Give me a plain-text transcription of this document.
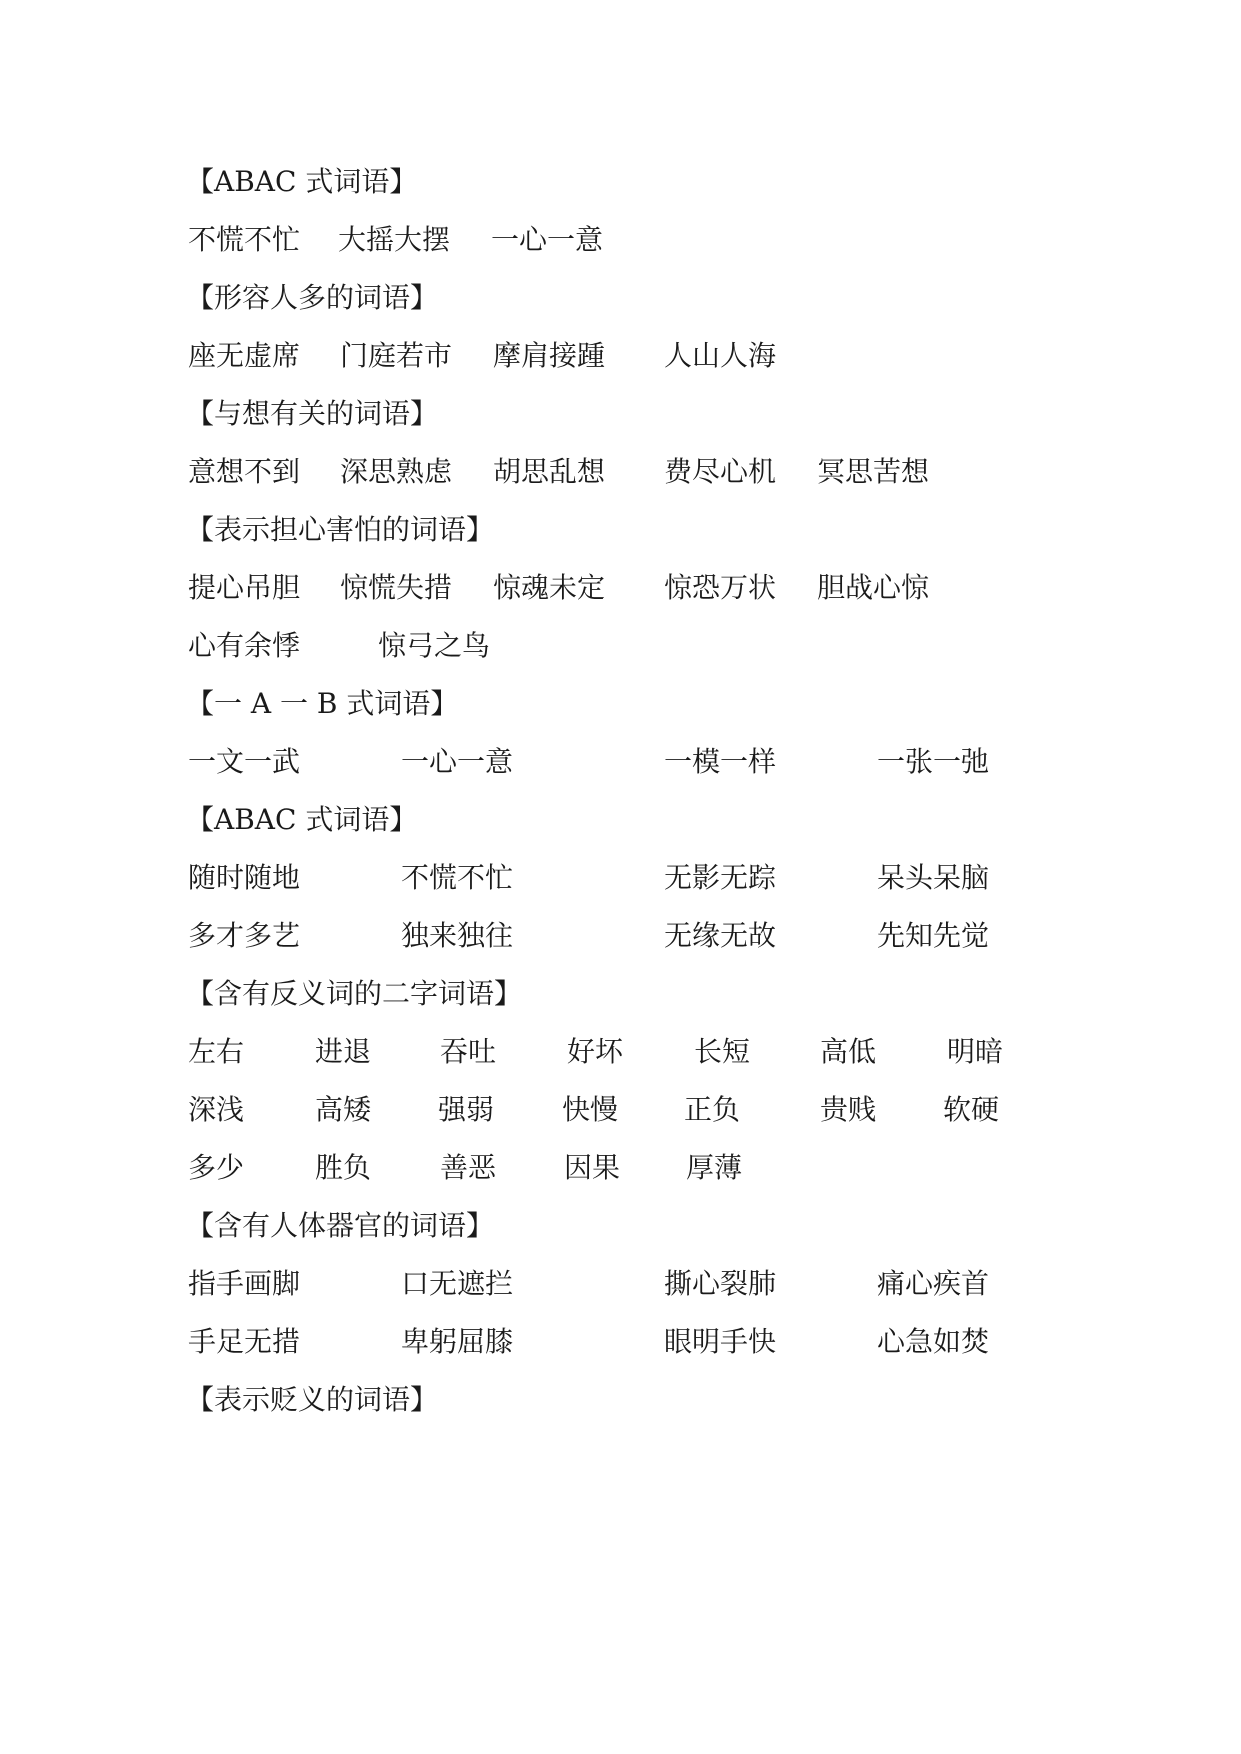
【ABAC 式词语】
不慌不忙 大摇大摆 一心一意
【形容人多的词语】
座无虚席 门庭若市 摩肩接踵 人山人海
【与想有关的词语】
意想不到 深思熟虑 胡思乱想 费尽心机 冥思苦想
【表示担心害怕的词语】
提心吊胆 惊慌失措 惊魂未定 惊恐万状 胆战心惊
心有余悸	惊弓之鸟
【一 A 一 B 式词语】
一文一武	一心一意	一模一样	一张一弛
【ABAC 式词语】
随时随地	不慌不忙	无影无踪	呆头呆脑
多才多艺	独来独往	无缘无故	先知先觉
【含有反义词的二字词语】
左右	进退 吞吐	好坏	长短 高低	明暗
深浅	高矮 强弱 快慢 正负	贵贱 软硬
多少	胜负 善恶 因果 厚薄
【含有人体器官的词语】
指手画脚	口无遮拦	撕心裂肺	痛心疾首
手足无措	卑躬屈膝	眼明手快	心急如焚
【表示贬义的词语】
